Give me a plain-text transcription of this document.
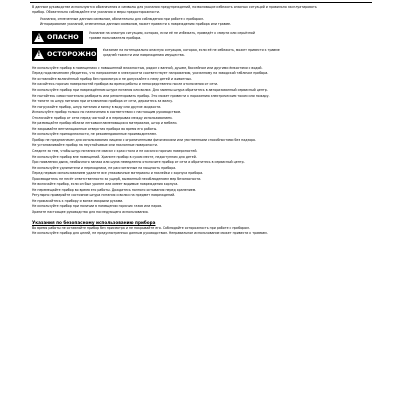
В данном руководстве используются обозначения и символы для указания предупреждений, позволяющие избежать опасных ситуаций и правильно эксплуатировать
прибор. Обязательно соблюдайте эти указания и меры предосторожности.
Указания, отмеченные данным символом, обязательны для соблюдения при работе с прибором.
Игнорирование указаний, отмеченных данным символом, может привести к повреждению прибора или травме.
!
ОПАСНО
Указание на опасную ситуацию, которая, если её не избежать, приведёт к смерти или серьёзной
травме пользователя прибора.
!
ОСТОРОЖНО
Указание на потенциально опасную ситуацию, которая, если её не избежать, может привести к травме
средней тяжести или повреждению имущества.
Не используйте прибор в помещениях с повышенной влажностью, рядом с ванной, душем, бассейном или другими ёмкостями с водой.
Перед подключением убедитесь, что напряжение в электросети соответствует напряжению, указанному на заводской табличке прибора.
Не оставляйте включённый прибор без присмотра и не допускайте к нему детей и животных.
Не касайтесь горячих поверхностей прибора во время работы и непосредственно после отключения от сети.
Не используйте прибор при повреждённом шнуре питания или вилке. Для замены шнура обратитесь в авторизованный сервисный центр.
Не пытайтесь самостоятельно разбирать или ремонтировать прибор. Это может привести к поражению электрическим током или пожару.
Не тяните за шнур питания при отключении прибора от сети, держитесь за вилку.
Не погружайте прибор, шнур питания и вилку в воду или другие жидкости.
Используйте прибор только по назначению в соответствии с настоящим руководством.
Отключайте прибор от сети перед чисткой и в перерывах между использованием.
Не размещайте прибор вблизи легковоспламеняющихся материалов, штор и мебели.
Не закрывайте вентиляционные отверстия прибора во время его работы.
Не используйте принадлежности, не рекомендованные производителем.
Прибор не предназначен для использования лицами с ограниченными физическими или умственными способностями без надзора.
Не устанавливайте прибор на неустойчивые или наклонные поверхности.
Следите за тем, чтобы шнур питания не свисал с края стола и не касался горячих поверхностей.
Не используйте прибор вне помещений. Храните прибор в сухом месте, недоступном для детей.
При появлении дыма, необычного запаха или шума немедленно отключите прибор от сети и обратитесь в сервисный центр.
Не используйте удлинители и переходники, не рассчитанные на мощность прибора.
Перед первым использованием удалите все упаковочные материалы и наклейки с корпуса прибора.
Производитель не несёт ответственности за ущерб, вызванный несоблюдением мер безопасности.
Не включайте прибор, если он был уронен или имеет видимые повреждения корпуса.
Не перемещайте прибор во время его работы. Дождитесь полного остывания перед хранением.
Регулярно проверяйте состояние шнура питания и вилки на предмет повреждений.
Не прикасайтесь к прибору и вилке мокрыми руками.
Не используйте прибор при наличии в помещении горючих газов или паров.
Храните настоящее руководство для последующего использования.
Указания по безопасному использованию прибора
Во время работы не оставляйте прибор без присмотра и не накрывайте его. Соблюдайте осторожность при работе с прибором.
Не используйте прибор для целей, не предусмотренных данным руководством. Неправильное использование может привести к травмам.
